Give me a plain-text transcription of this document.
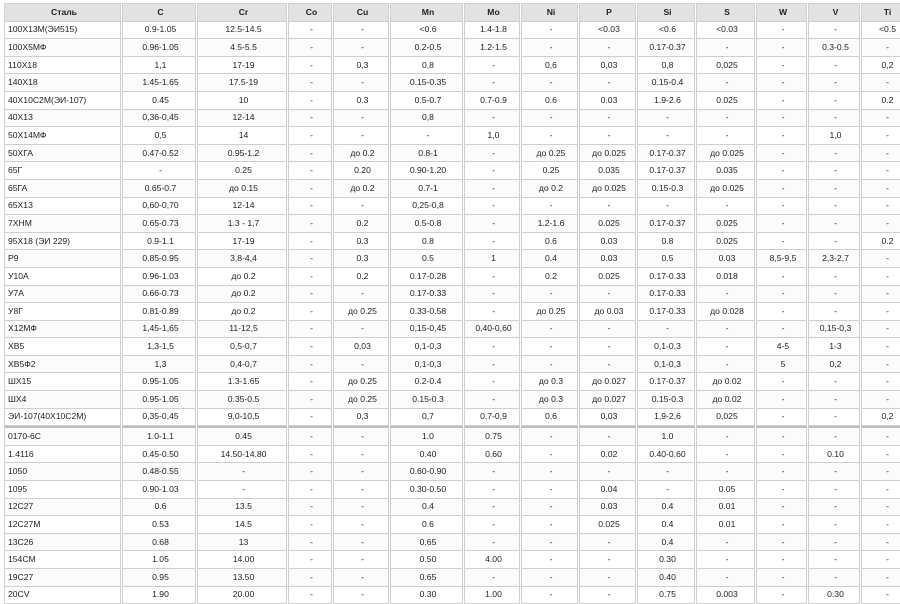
Сталь	C	Cr	Co	Cu	Mn	Mo	Ni	P	Si	S	W	V	Ti
100Х13М(ЭИ515)	0.9-1.05	12.5-14.5	-	-	<0.6	1.4-1.8	-	<0.03	<0.6	<0.03	-	-	<0.5
100Х5МФ	0.96-1.05	4.5-5.5	-	-	0.2-0.5	1.2-1.5	-	-	0.17-0.37	-	-	0.3-0.5	-
110Х18	1,1	17-19	-	0,3	0,8	-	0,6	0,03	0,8	0,025	-	-	0,2
140Х18	1.45-1.65	17.5-19	-	-	0.15-0.35	-	-	-	0.15-0.4	-	-	-	-
40Х10С2М(ЭИ-107)	0.45	10	-	0.3	0.5-0.7	0.7-0.9	0.6	0.03	1.9-2.6	0.025	-	-	0.2
40Х13	0,36-0,45	12-14	-	-	0,8	-	-	-	-	-	-	-	-
50Х14МФ	0,5	14	-	-	-	1,0	-	-	-	-	-	1,0	-
50ХГА	0.47-0.52	0.95-1.2	-	до 0.2	0.8-1	-	до 0.25	до 0.025	0.17-0.37	до 0.025	-	-	-
65Г	-	0.25	-	0.20	0.90-1.20	-	0.25	0.035	0.17-0.37	0.035	-	-	-
65ГА	0.65-0.7	до 0.15	-	до 0.2	0.7-1	-	до 0.2	до 0.025	0.15-0.3	до 0.025	-	-	-
65Х13	0,60-0,70	12-14	-	-	0,25-0,8	-	-	-	-	-	-	-	-
7ХНМ	0.65-0.73	1.3 - 1,7	-	0.2	0.5-0.8	-	1.2-1.6	0.025	0.17-0.37	0.025	-	-	-
95Х18 (ЭИ 229)	0.9-1.1	17-19	-	0.3	0.8	-	0.6	0.03	0.8	0.025	-	-	0.2
Р9	0.85-0.95	3,8-4,4	-	0.3	0.5	1	0.4	0.03	0.5	0.03	8,5-9,5	2,3-2,7	-
У10А	0.96-1.03	до 0.2	-	0.2	0.17-0.28	-	0.2	0.025	0.17-0.33	0.018	-	-	-
У7А	0.66-0.73	до 0.2	-	-	0.17-0.33	-	-	-	0.17-0.33	-	-	-	-
У8Г	0.81-0.89	до 0.2	-	до 0.25	0.33-0.58	-	до 0.25	до 0.03	0.17-0.33	до 0.028	-	-	-
Х12МФ	1,45-1,65	11-12,5	-	-	0,15-0,45	0,40-0,60	-	-	-	-	-	0,15-0,3	-
ХВ5	1,3-1,5	0,5-0,7	-	0,03	0,1-0,3	-	-	-	0,1-0,3	-	4-5	1-3	-
ХВ5Ф2	1,3	0,4-0,7	-	-	0,1-0,3	-	-	-	0,1-0,3	-	5	0,2	-
ШХ15	0.95-1.05	1.3-1.65	-	до 0.25	0.2-0.4	-	до 0.3	до 0.027	0.17-0.37	до 0.02	-	-	-
ШХ4	0.95-1.05	0.35-0.5	-	до 0.25	0.15-0.3	-	до 0.3	до 0.027	0.15-0.3	до 0.02	-	-	-
ЭИ-107(40Х10С2М)	0,35-0,45	9,0-10,5	-	0,3	0,7	0,7-0,9	0,6	0,03	1,9-2,6	0,025	-	-	0,2
0170-6C	1.0-1.1	0.45	-	-	1.0	0.75	-	-	1.0	-	-	-	-
1.4116	0.45-0.50	14.50-14.80	-	-	0.40	0.60	-	0.02	0.40-0.60	-	-	0.10	-
1050	0.48-0.55	-	-	-	0.60-0.90	-	-	-	-	-	-	-	-
1095	0.90-1.03	-	-	-	0.30-0.50	-	-	0.04	-	0.05	-	-	-
12C27	0.6	13.5	-	-	0.4	-	-	0.03	0.4	0.01	-	-	-
12C27M	0.53	14.5	-	-	0.6	-	-	0.025	0.4	0.01	-	-	-
13C26	0.68	13	-	-	0.65	-	-	-	0.4	-	-	-	-
154CM	1.05	14.00	-	-	0.50	4.00	-	-	0.30	-	-	-	-
19C27	0.95	13.50	-	-	0.65	-	-	-	0.40	-	-	-	-
20CV	1.90	20.00	-	-	0.30	1.00	-	-	0.75	0.003	-	0.30	-
